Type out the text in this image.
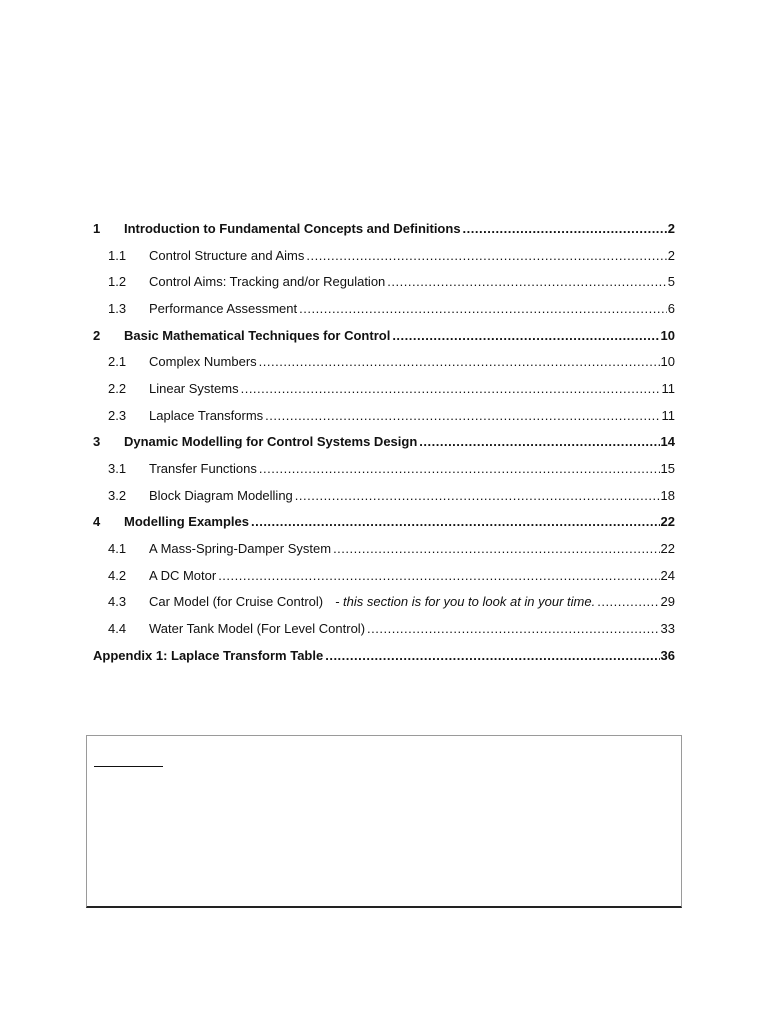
1	Introduction to Fundamental Concepts and Definitions .....	2
1.1	Control Structure and Aims .....	2
1.2	Control Aims: Tracking and/or Regulation .....	5
1.3	Performance Assessment .....	6
2	Basic Mathematical Techniques for Control .....	10
2.1	Complex Numbers .....	10
2.2	Linear Systems .....	11
2.3	Laplace Transforms .....	11
3	Dynamic Modelling for Control Systems Design .....	14
3.1	Transfer Functions .....	15
3.2	Block Diagram Modelling .....	18
4	Modelling Examples .....	22
4.1	A Mass-Spring-Damper System .....	22
4.2	A DC Motor .....	24
4.3	Car Model (for Cruise Control) - this section is for you to look at in your time. .....	29
4.4	Water Tank Model (For Level Control) .....	33
Appendix 1: Laplace Transform Table .....	36
